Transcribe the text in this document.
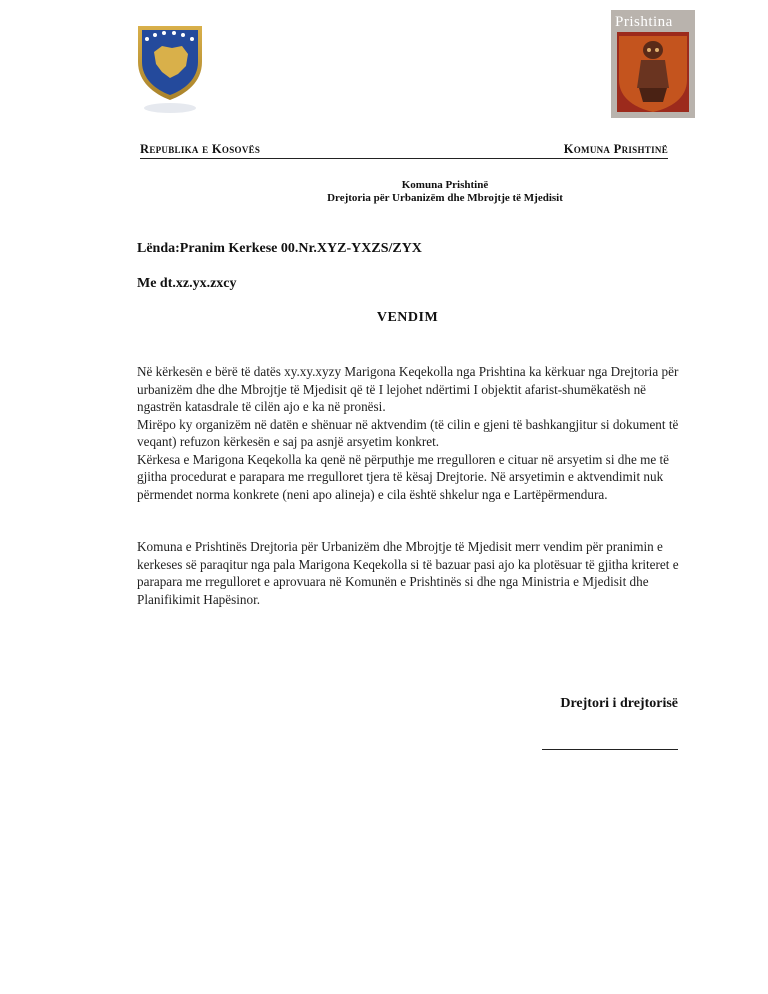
Prishtina
Republika e Kosovës	Komuna Prishtinë
Komuna Prishtinë
Drejtoria për Urbanizëm dhe Mbrojtje të Mjedisit
Lënda:Pranim Kerkese 00.Nr.XYZ-YXZS/ZYX
Me dt.xz.yx.zxcy
VENDIM
Në kërkesën e bërë të datës xy.xy.xyzy Marigona Keqekolla nga Prishtina ka kërkuar nga Drejtoria për urbanizëm dhe dhe Mbrojtje të Mjedisit që të I lejohet ndërtimi I objektit afarist-shumëkatësh në ngastrën katasdrale të cilën ajo e ka në pronësi.
Mirëpo ky organizëm në datën e shënuar në aktvendim (të cilin e gjeni të bashkangjitur si dokument të veqant) refuzon kërkesën e saj pa asnjë arsyetim konkret.
Kërkesa e Marigona Keqekolla ka qenë në përputhje me rregulloren e cituar në arsyetim si dhe me të gjitha procedurat e parapara me rregulloret tjera të kësaj Drejtorie. Në arsyetimin e aktvendimit nuk përmendet norma konkrete (neni apo alineja) e cila është shkelur nga e Lartëpërmendura.
Komuna e Prishtinës Drejtoria për Urbanizëm dhe Mbrojtje të Mjedisit merr vendim për pranimin e kerkeses së paraqitur nga pala Marigona Keqekolla si të bazuar pasi ajo ka plotësuar të gjitha kriteret e parapara me rregulloret e aprovuara në Komunën e Prishtinës si dhe nga Ministria e Mjedisit dhe Planifikimit Hapësinor.
Drejtori i drejtorisë
